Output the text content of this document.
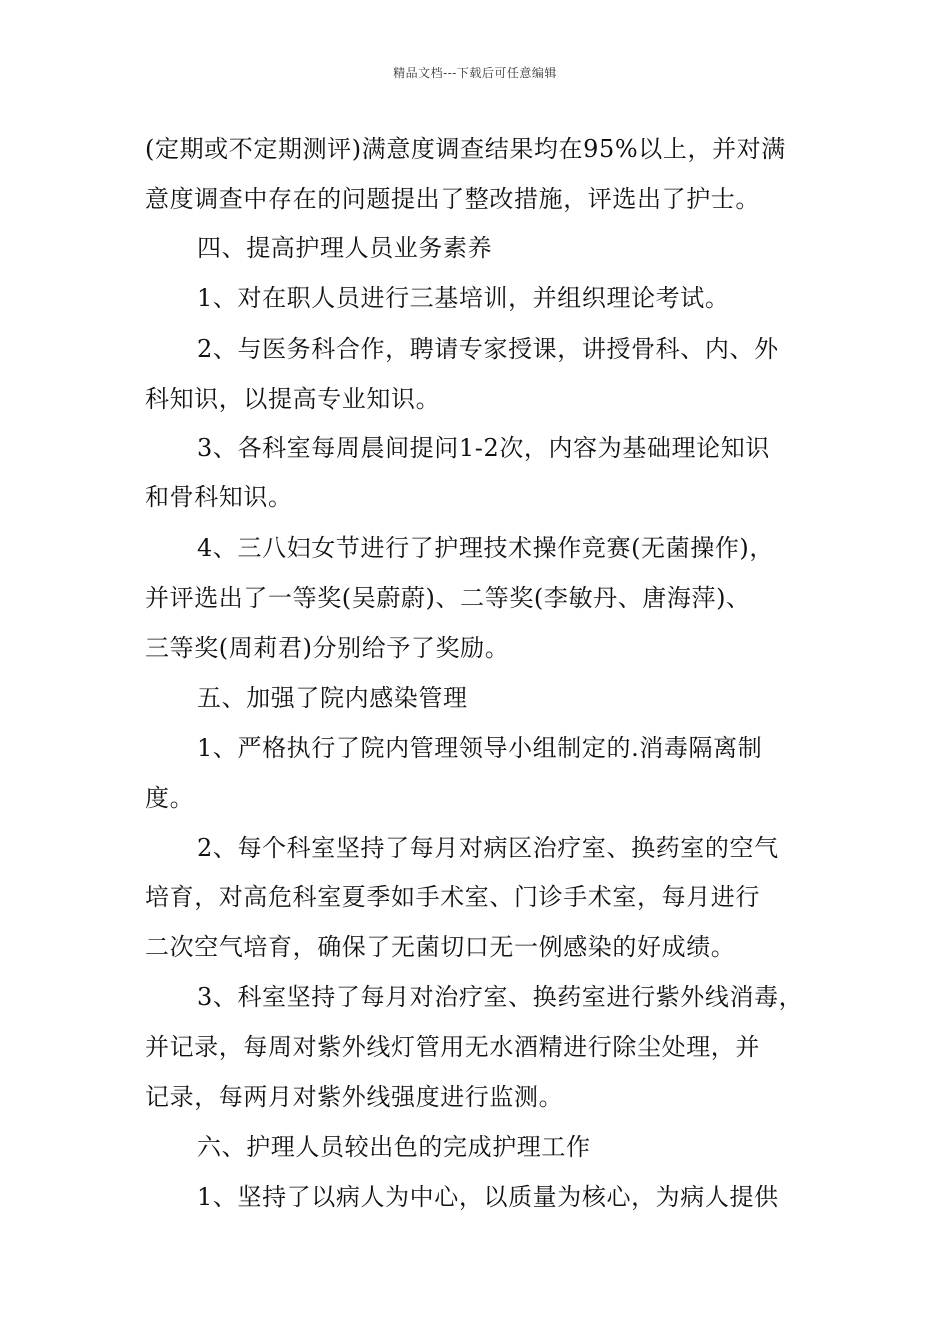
精品文档---下载后可任意编辑
(定期或不定期测评)满意度调查结果均在95%以上，并对满
意度调查中存在的问题提出了整改措施，评选出了护士。
四、提高护理人员业务素养
1、对在职人员进行三基培训，并组织理论考试。
2、与医务科合作，聘请专家授课，讲授骨科、内、外
科知识，以提高专业知识。
3、各科室每周晨间提问1-2次，内容为基础理论知识
和骨科知识。
4、三八妇女节进行了护理技术操作竞赛(无菌操作)，
并评选出了一等奖(吴蔚蔚)、二等奖(李敏丹、唐海萍)、
三等奖(周莉君)分别给予了奖励。
五、加强了院内感染管理
1、严格执行了院内管理领导小组制定的.消毒隔离制
度。
2、每个科室坚持了每月对病区治疗室、换药室的空气
培育，对高危科室夏季如手术室、门诊手术室，每月进行
二次空气培育，确保了无菌切口无一例感染的好成绩。
3、科室坚持了每月对治疗室、换药室进行紫外线消毒，
并记录，每周对紫外线灯管用无水酒精进行除尘处理，并
记录，每两月对紫外线强度进行监测。
六、护理人员较出色的完成护理工作
1、坚持了以病人为中心，以质量为核心，为病人提供
